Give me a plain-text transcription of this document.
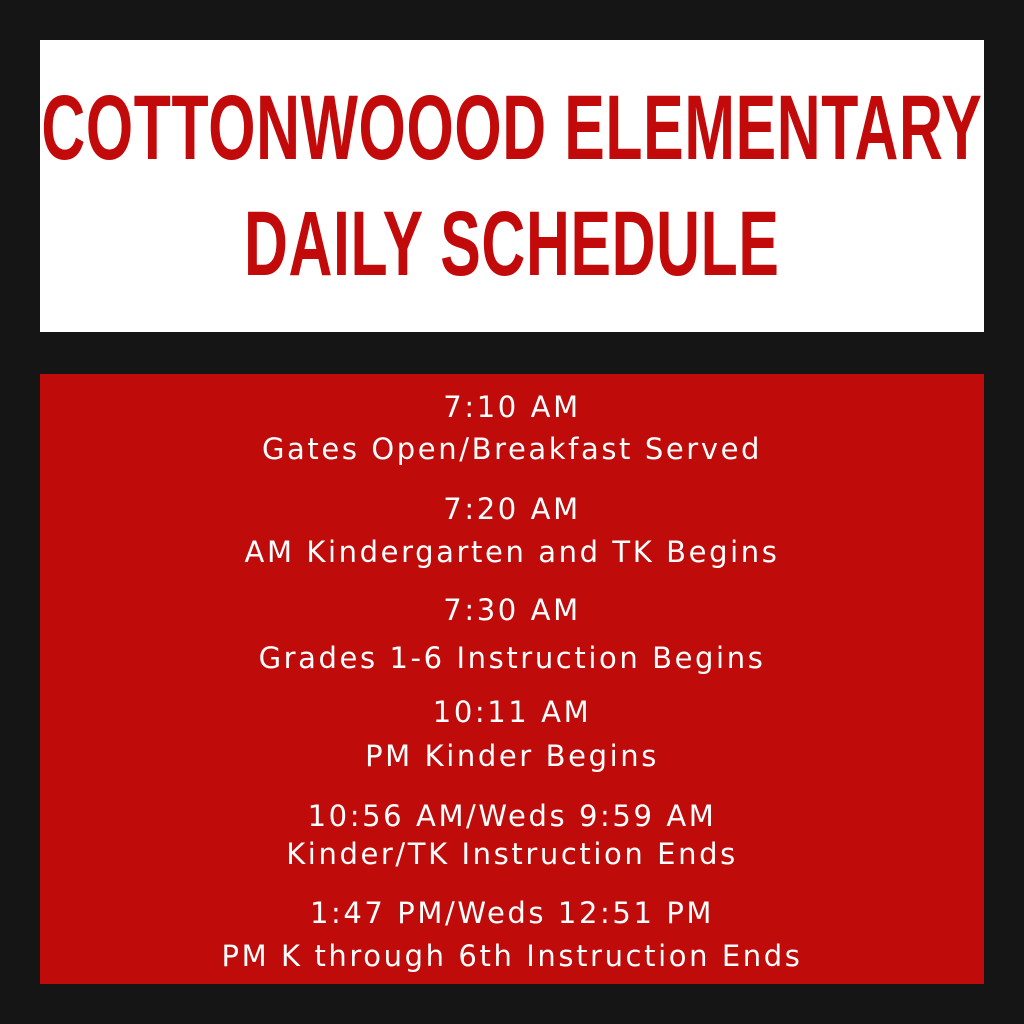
COTTONWOOOD ELEMENTARY
DAILY SCHEDULE
7:10 AM
Gates Open/Breakfast Served
7:20 AM
AM Kindergarten and TK Begins
7:30 AM
Grades 1-6 Instruction Begins
10:11 AM
PM Kinder Begins
10:56 AM/Weds 9:59 AM
Kinder/TK Instruction Ends
1:47 PM/Weds 12:51 PM
PM K through 6th Instruction Ends
